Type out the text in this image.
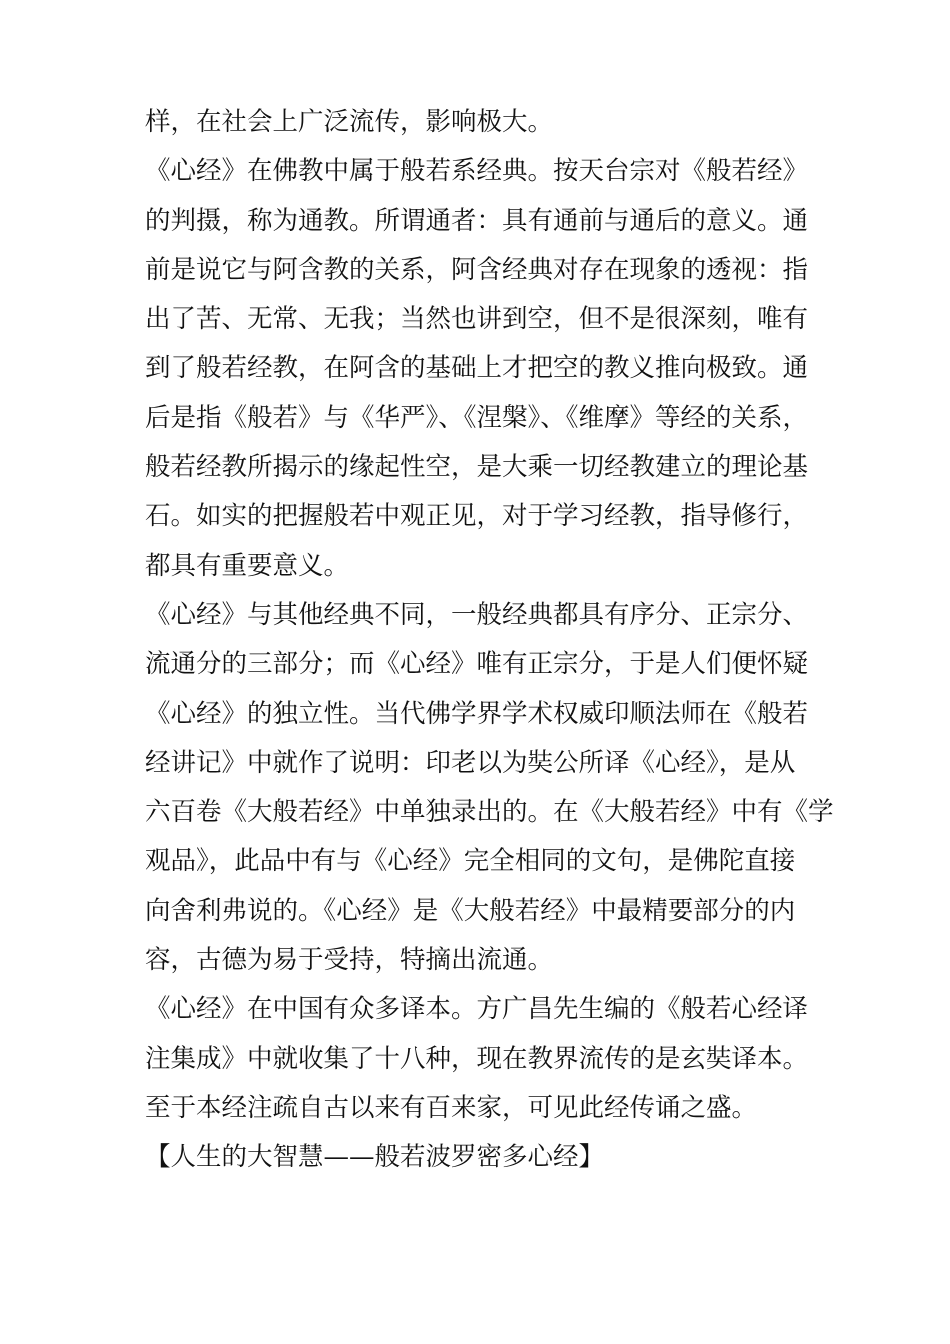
样，在社会上广泛流传，影响极大。
《心经》在佛教中属于般若系经典。按天台宗对《般若经》
的判摄，称为通教。所谓通者：具有通前与通后的意义。通
前是说它与阿含教的关系，阿含经典对存在现象的透视：指
出了苦、无常、无我；当然也讲到空，但不是很深刻，唯有
到了般若经教，在阿含的基础上才把空的教义推向极致。通
后是指《般若》与《华严》、《涅槃》、《维摩》等经的关系，
般若经教所揭示的缘起性空，是大乘一切经教建立的理论基
石。如实的把握般若中观正见，对于学习经教，指导修行，
都具有重要意义。
《心经》与其他经典不同，一般经典都具有序分、正宗分、
流通分的三部分；而《心经》唯有正宗分，于是人们便怀疑
《心经》的独立性。当代佛学界学术权威印顺法师在《般若
经讲记》中就作了说明：印老以为奘公所译《心经》，是从
六百卷《大般若经》中单独录出的。在《大般若经》中有《学
观品》，此品中有与《心经》完全相同的文句，是佛陀直接
向舍利弗说的。《心经》是《大般若经》中最精要部分的内
容，古德为易于受持，特摘出流通。
《心经》在中国有众多译本。方广昌先生编的《般若心经译
注集成》中就收集了十八种，现在教界流传的是玄奘译本。
至于本经注疏自古以来有百来家，可见此经传诵之盛。
【人生的大智慧——般若波罗密多心经】
